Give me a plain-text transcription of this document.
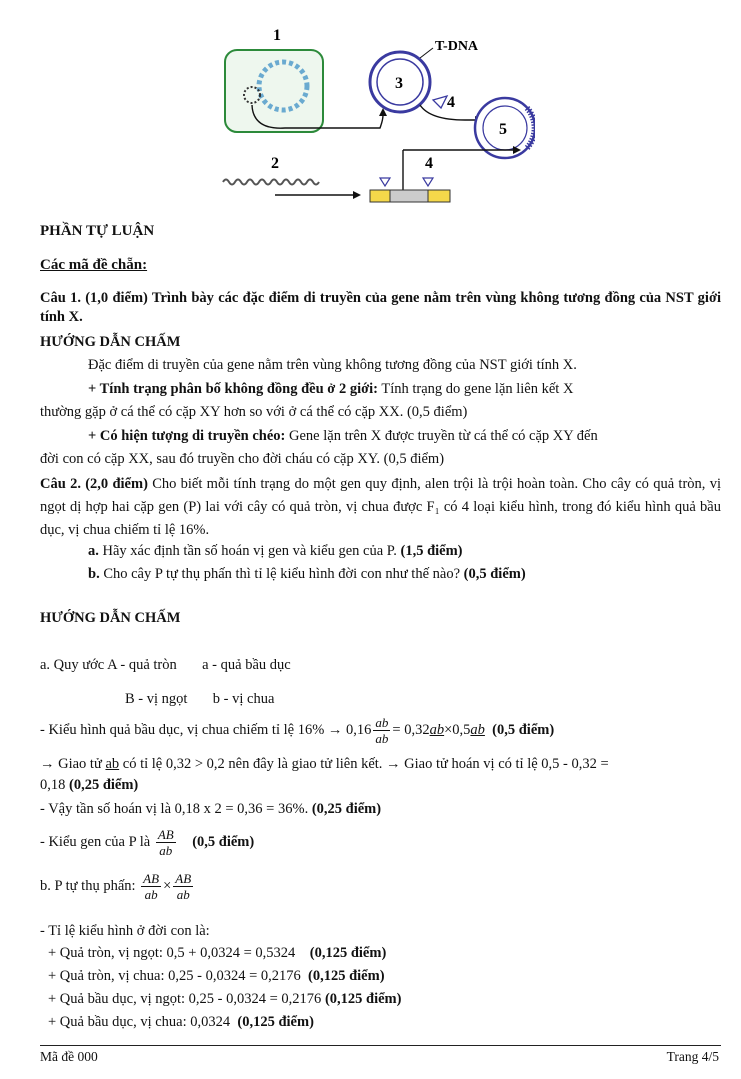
1
3
T-DNA
4
5
2	4
PHẦN TỰ LUẬN
Các mã đề chẵn:
Câu 1. (1,0 điểm) Trình bày các đặc điểm di truyền của gene nằm trên vùng không tương đồng của NST giới tính X.
HƯỚNG DẪN CHẤM
Đặc điểm di truyền của gene nằm trên vùng không tương đồng của NST giới tính X.
+ Tính trạng phân bố không đồng đều ở 2 giới: Tính trạng do gene lặn liên kết X
thường gặp ở cá thể có cặp XY hơn so với ở cá thể có cặp XX. (0,5 điểm)
+ Có hiện tượng di truyền chéo: Gene lặn trên X được truyền từ cá thể có cặp XY đến
đời con có cặp XX, sau đó truyền cho đời cháu có cặp XY. (0,5 điểm)
Câu 2. (2,0 điểm) Cho biết mỗi tính trạng do một gen quy định, alen trội là trội hoàn toàn. Cho cây có quả tròn, vị ngọt dị hợp hai cặp gen (P) lai với cây có quả tròn, vị chua được F₁ có 4 loại kiểu hình, trong đó kiểu hình quả bầu dục, vị chua chiếm tỉ lệ 16%.
a. Hãy xác định tần số hoán vị gen và kiểu gen của P. (1,5 điểm)
b. Cho cây P tự thụ phấn thì tỉ lệ kiểu hình đời con như thế nào? (0,5 điểm)
HƯỚNG DẪN CHẤM
a. Quy ước A - quả tròn       a - quả bầu dục
B - vị ngọt       b - vị chua
- Kiểu hình quả bầu dục, vị chua chiếm tỉ lệ $16\% \to 0,16 \frac{ab}{ab} = 0,32ab\times 0,5ab$ (0,5 điểm)
→ Giao tử ab có tỉ lệ 0,32 > 0,2 nên đây là giao tử liên kết. → Giao tử hoán vị có tỉ lệ 0,5 - 0,32 =
0,18 (0,25 điểm)
- Vậy tần số hoán vị là 0,18 x 2 = 0,36 = 36%. (0,25 điểm)
- Kiểu gen của P là $\frac{AB}{ab} (0,5$ điểm)
b. P tự thụ phấn: $\frac{AB}{ab} \times \frac{AB}{ab}$
- Tỉ lệ kiểu hình ở đời con là:
+ Quả tròn, vị ngọt: 0,5 + 0,0324 = 0,5324 (0,125 điểm)
+ Quả tròn, vị chua: 0,25 - 0,0324 = 0,2176 (0,125 điểm)
+ Quả bầu dục, vị ngọt: 0,25 - 0,0324 = 0,2176 (0,125 điểm)
+ Quả bầu dục, vị chua: 0,0324 (0,125 điểm)
Mã đề 000	Trang 4/5
